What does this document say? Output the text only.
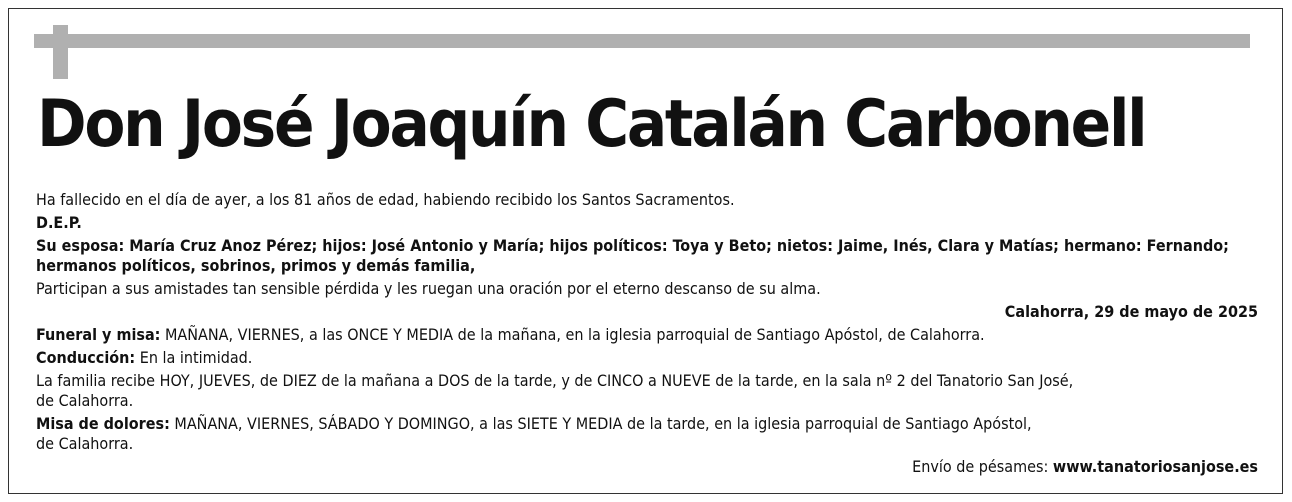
Don José Joaquín Catalán Carbonell

Ha fallecido en el día de ayer, a los 81 años de edad, habiendo recibido los Santos Sacramentos.

D.E.P.

Su esposa: María Cruz Anoz Pérez; hijos: José Antonio y María; hijos políticos: Toya y Beto; nietos: Jaime, Inés, Clara y Matías; hermano: Fernando; hermanos políticos, sobrinos, primos y demás familia,

Participan a sus amistades tan sensible pérdida y les ruegan una oración por el eterno descanso de su alma.

Calahorra, 29 de mayo de 2025

Funeral y misa: MAÑANA, VIERNES, a las ONCE Y MEDIA de la mañana, en la iglesia parroquial de Santiago Apóstol, de Calahorra.

Conducción: En la intimidad.

La familia recibe HOY, JUEVES, de DIEZ de la mañana a DOS de la tarde, y de CINCO a NUEVE de la tarde, en la sala nº 2 del Tanatorio San José,
de Calahorra.

Misa de dolores: MAÑANA, VIERNES, SÁBADO Y DOMINGO, a las SIETE Y MEDIA de la tarde, en la iglesia parroquial de Santiago Apóstol,
de Calahorra.

Envío de pésames: www.tanatoriosanjose.es
